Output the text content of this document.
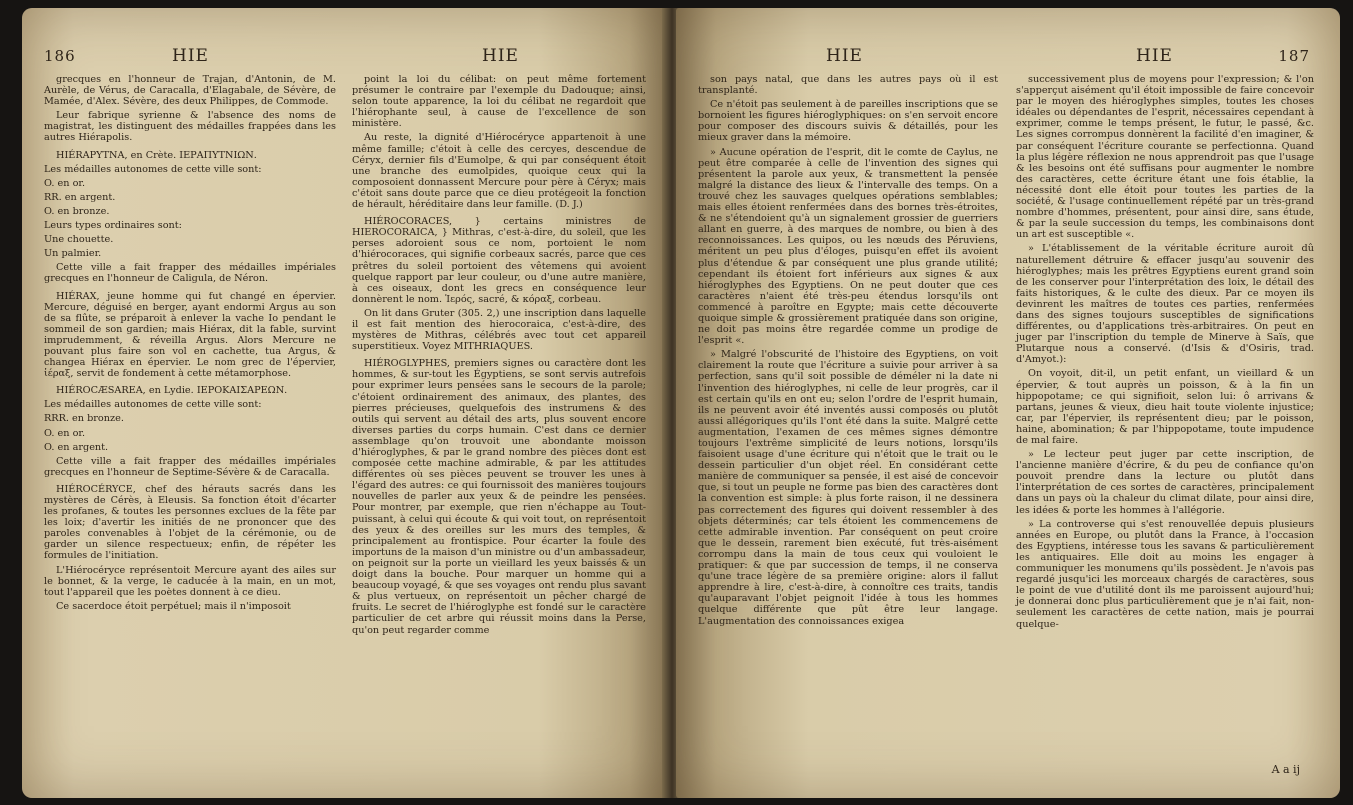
186	HIE	HIE

grecques en l'honneur de Trajan, d'Antonin, de M. Aurèle, de Vérus, de Caracalla, d'Elagabale, de Sévère, de Mamée, d'Alex. Sévère, des deux Philippes, de Commode.

Leur fabrique syrienne & l'absence des noms de magistrat, les distinguent des médailles frappées dans les autres Hiérapolis.

HIÉRAPYTNA, en Crète. ΙΕΡΑΠΥΤΝΙΩΝ.

Les médailles autonomes de cette ville sont:

O. en or.

RR. en argent.

O. en bronze.

Leurs types ordinaires sont:

Une chouette.

Un palmier.

Cette ville a fait frapper des médailles impériales grecques en l'honneur de Caligula, de Néron.

HIÉRAX, jeune homme qui fut changé en épervier. Mercure, déguisé en berger, ayant endormi Argus au son de sa flûte, se préparoit à enlever la vache Io pendant le sommeil de son gardien; mais Hiérax, dit la fable, survint imprudemment, & réveilla Argus. Alors Mercure ne pouvant plus faire son vol en cachette, tua Argus, & changea Hiérax en épervier. Le nom grec de l'épervier, ἱέραξ, servit de fondement à cette métamorphose.

HIÉROCÆSAREA, en Lydie. ΙΕΡΟΚΑΙΣΑΡΕΩΝ.

Les médailles autonomes de cette ville sont:

RRR. en bronze.

O. en or.

O. en argent.

Cette ville a fait frapper des médailles impériales grecques en l'honneur de Septime-Sévère & de Caracalla.

HIÉROCÉRYCE, chef des hérauts sacrés dans les mystères de Cérès, à Eleusis. Sa fonction étoit d'écarter les profanes, & toutes les personnes exclues de la fête par les loix; d'avertir les initiés de ne prononcer que des paroles convenables à l'objet de la cérémonie, ou de garder un silence respectueux; enfin, de répéter les formules de l'initiation.

L'Hiérocéryce représentoit Mercure ayant des ailes sur le bonnet, & la verge, le caducée à la main, en un mot, tout l'appareil que les poètes donnent à ce dieu.

Ce sacerdoce étoit perpétuel; mais il n'imposoit

point la loi du célibat: on peut même fortement présumer le contraire par l'exemple du Dadouque; ainsi, selon toute apparence, la loi du célibat ne regardoit que l'hiérophante seul, à cause de l'excellence de son ministère.

Au reste, la dignité d'Hiérocéryce appartenoit à une même famille; c'étoit à celle des cercyes, descendue de Céryx, dernier fils d'Eumolpe, & qui par conséquent étoit une branche des eumolpides, quoique ceux qui la composoient donnassent Mercure pour père à Céryx; mais c'étoit sans doute parce que ce dieu protégeoit la fonction de hérault, héréditaire dans leur famille. (D. J.)

HIÉROCORACES, } certains ministres de HIEROCORAICA, } Mithras, c'est-à-dire, du soleil, que les perses adoroient sous ce nom, portoient le nom d'hiérocoraces, qui signifie corbeaux sacrés, parce que ces prêtres du soleil portoient des vêtemens qui avoient quelque rapport par leur couleur, ou d'une autre manière, à ces oiseaux, dont les grecs en conséquence leur donnèrent le nom. Ἱερός, sacré, & κόραξ, corbeau.

On lit dans Gruter (305. 2,) une inscription dans laquelle il est fait mention des hierocoraica, c'est-à-dire, des mystères de Mithras, célébrés avec tout cet appareil superstitieux. Voyez MITHRIAQUES.

HIÉROGLYPHES, premiers signes ou caractère dont les hommes, & sur-tout les Égyptiens, se sont servis autrefois pour exprimer leurs pensées sans le secours de la parole; c'étoient ordinairement des animaux, des plantes, des pierres précieuses, quelquefois des instrumens & des outils qui servent au détail des arts, plus souvent encore diverses parties du corps humain. C'est dans ce dernier assemblage qu'on trouvoit une abondante moisson d'hiéroglyphes, & par le grand nombre des pièces dont est composée cette machine admirable, & par les attitudes différentes où ses pièces peuvent se trouver les unes à l'égard des autres: ce qui fournissoit des manières toujours nouvelles de parler aux yeux & de peindre les pensées. Pour montrer, par exemple, que rien n'échappe au Tout-puissant, à celui qui écoute & qui voit tout, on représentoit des yeux & des oreilles sur les murs des temples, & principalement au frontispice. Pour écarter la foule des importuns de la maison d'un ministre ou d'un ambassadeur, on peignoit sur la porte un vieillard les yeux baissés & un doigt dans la bouche. Pour marquer un homme qui a beaucoup voyagé, & que ses voyages ont rendu plus savant & plus vertueux, on représentoit un pêcher chargé de fruits. Le secret de l'hiéroglyphe est fondé sur le caractère particulier de cet arbre qui réussit moins dans la Perse, qu'on peut regarder comme

HIE	HIE	187

son pays natal, que dans les autres pays où il est transplanté.

Ce n'étoit pas seulement à de pareilles inscriptions que se bornoient les figures hiéroglyphiques: on s'en servoit encore pour composer des discours suivis & détaillés, pour les mieux graver dans la mémoire.

» Aucune opération de l'esprit, dit le comte de Caylus, ne peut être comparée à celle de l'invention des signes qui présentent la parole aux yeux, & transmettent la pensée malgré la distance des lieux & l'intervalle des temps. On a trouvé chez les sauvages quelques opérations semblables; mais elles étoient renfermées dans des bornes très-étroites, & ne s'étendoient qu'à un signalement grossier de guerriers allant en guerre, à des marques de nombre, ou bien à des reconnoissances. Les quipos, ou les nœuds des Péruviens, méritent un peu plus d'éloges, puisqu'en effet ils avoient plus d'étendue & par conséquent une plus grande utilité; cependant ils étoient fort inférieurs aux signes & aux hiéroglyphes des Egyptiens. On ne peut douter que ces caractères n'aient été très-peu étendus lorsqu'ils ont commencé à paroître en Egypte; mais cette découverte quoique simple & grossièrement pratiquée dans son origine, ne doit pas moins être regardée comme un prodige de l'esprit «.

» Malgré l'obscurité de l'histoire des Egyptiens, on voit clairement la route que l'écriture a suivie pour arriver à sa perfection, sans qu'il soit possible de déméler ni la date ni l'invention des hiéroglyphes, ni celle de leur progrès, car il est certain qu'ils en ont eu; selon l'ordre de l'esprit humain, ils ne peuvent avoir été inventés aussi composés ou plutôt aussi allégoriques qu'ils l'ont été dans la suite. Malgré cette augmentation, l'examen de ces mêmes signes démontre toujours l'extrême simplicité de leurs notions, lorsqu'ils faisoient usage d'une écriture qui n'étoit que le trait ou le dessein particulier d'un objet réel. En considérant cette manière de communiquer sa pensée, il est aisé de concevoir que, si tout un peuple ne forme pas bien des caractères dont la convention est simple: à plus forte raison, il ne dessinera pas correctement des figures qui doivent ressembler à des objets déterminés; car tels étoient les commencemens de cette admirable invention. Par conséquent on peut croire que le dessein, rarement bien exécuté, fut très-aisément corrompu dans la main de tous ceux qui vouloient le pratiquer: & que par succession de temps, il ne conserva qu'une trace légère de sa première origine: alors il fallut apprendre à lire, c'est-à-dire, à connoître ces traits, tandis qu'auparavant l'objet peignoit l'idée à tous les hommes quelque différente que pût être leur langage. L'augmentation des connoissances exigea

successivement plus de moyens pour l'expression; & l'on s'apperçut aisément qu'il étoit impossible de faire concevoir par le moyen des hiéroglyphes simples, toutes les choses idéales ou dépendantes de l'esprit, nécessaires cependant à exprimer, comme le temps présent, le futur, le passé, &c. Les signes corrompus donnèrent la facilité d'en imaginer, & par conséquent l'écriture courante se perfectionna. Quand la plus légère réflexion ne nous apprendroit pas que l'usage & les besoins ont été suffisans pour augmenter le nombre des caractères, cette écriture étant une fois établie, la nécessité dont elle étoit pour toutes les parties de la société, & l'usage continuellement répété par un très-grand nombre d'hommes, présentent, pour ainsi dire, sans étude, & par la seule succession du temps, les combinaisons dont un art est susceptible «.

» L'établissement de la véritable écriture auroit dû naturellement détruire & effacer jusqu'au souvenir des hiéroglyphes; mais les prêtres Egyptiens eurent grand soin de les conserver pour l'interprétation des loix, le détail des faits historiques, & le culte des dieux. Par ce moyen ils devinrent les maîtres de toutes ces parties, renfermées dans des signes toujours susceptibles de significations différentes, ou d'applications très-arbitraires. On peut en juger par l'inscription du temple de Minerve à Saïs, que Plutarque nous a conservé. (d'Isis & d'Osiris, trad. d'Amyot.):

On voyoit, dit-il, un petit enfant, un vieillard & un épervier, & tout auprès un poisson, & à la fin un hippopotame; ce qui signifioit, selon lui: ô arrivans & partans, jeunes & vieux, dieu hait toute violente injustice; car, par l'épervier, ils représentent dieu; par le poisson, haine, abomination; & par l'hippopotame, toute impudence de mal faire.

» Le lecteur peut juger par cette inscription, de l'ancienne manière d'écrire, & du peu de confiance qu'on pouvoit prendre dans la lecture ou plutôt dans l'interprétation de ces sortes de caractères, principalement dans un pays où la chaleur du climat dilate, pour ainsi dire, les idées & porte les hommes à l'allégorie.

» La controverse qui s'est renouvellée depuis plusieurs années en Europe, ou plutôt dans la France, à l'occasion des Egyptiens, intéresse tous les savans & particulièrement les antiquaires. Elle doit au moins les engager à communiquer les monumens qu'ils possèdent. Je n'avois pas regardé jusqu'ici les morceaux chargés de caractères, sous le point de vue d'utilité dont ils me paroissent aujourd'hui; je donnerai donc plus particulièrement que je n'ai fait, non-seulement les caractères de cette nation, mais je pourrai quelque-

A a ij
